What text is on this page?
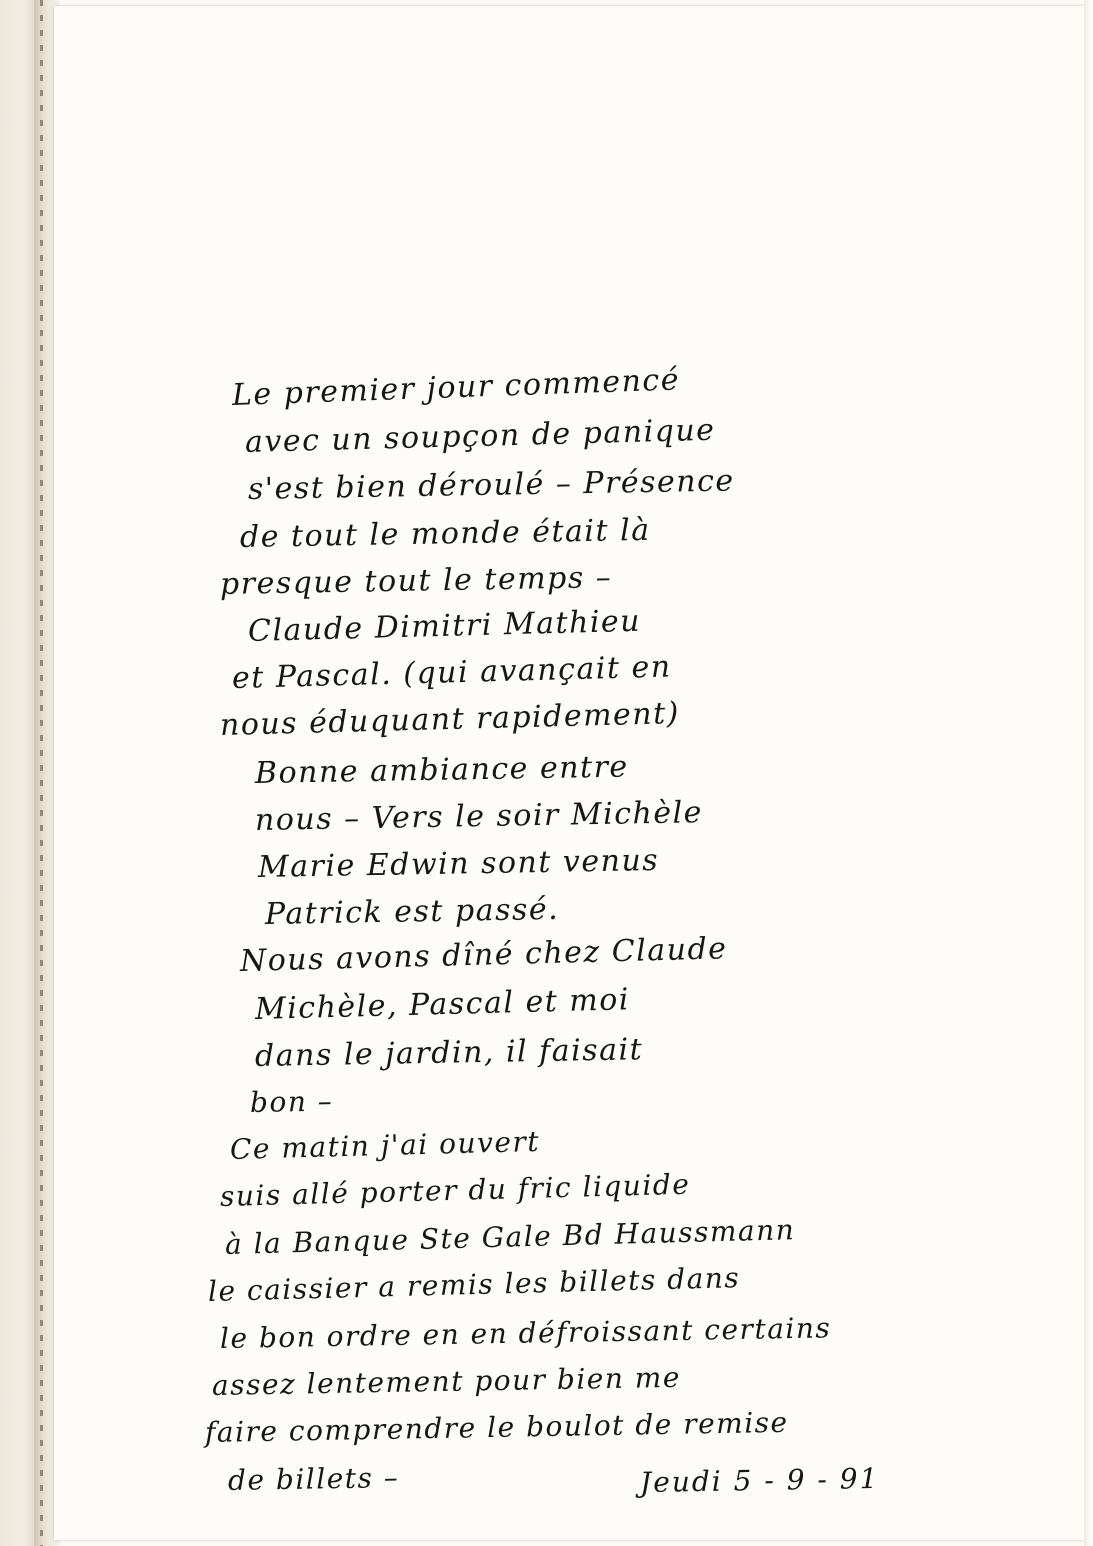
Le premier jour commencé
avec un soupçon de panique
s'est bien déroulé – Présence
de tout le monde était là
presque tout le temps –
Claude Dimitri Mathieu
et Pascal. (qui avançait en
nous éduquant rapidement)
Bonne ambiance entre
nous – Vers le soir Michèle
Marie Edwin sont venus
Patrick est passé.
Nous avons dîné chez Claude
Michèle, Pascal et moi
dans le jardin, il faisait
bon –
Ce matin j'ai ouvert
suis allé porter du fric liquide
à la Banque Ste Gale Bd Haussmann
le caissier a remis les billets dans
le bon ordre en en défroissant certains
assez lentement pour bien me
faire comprendre le boulot de remise
de billets –	Jeudi 5 - 9 - 91
